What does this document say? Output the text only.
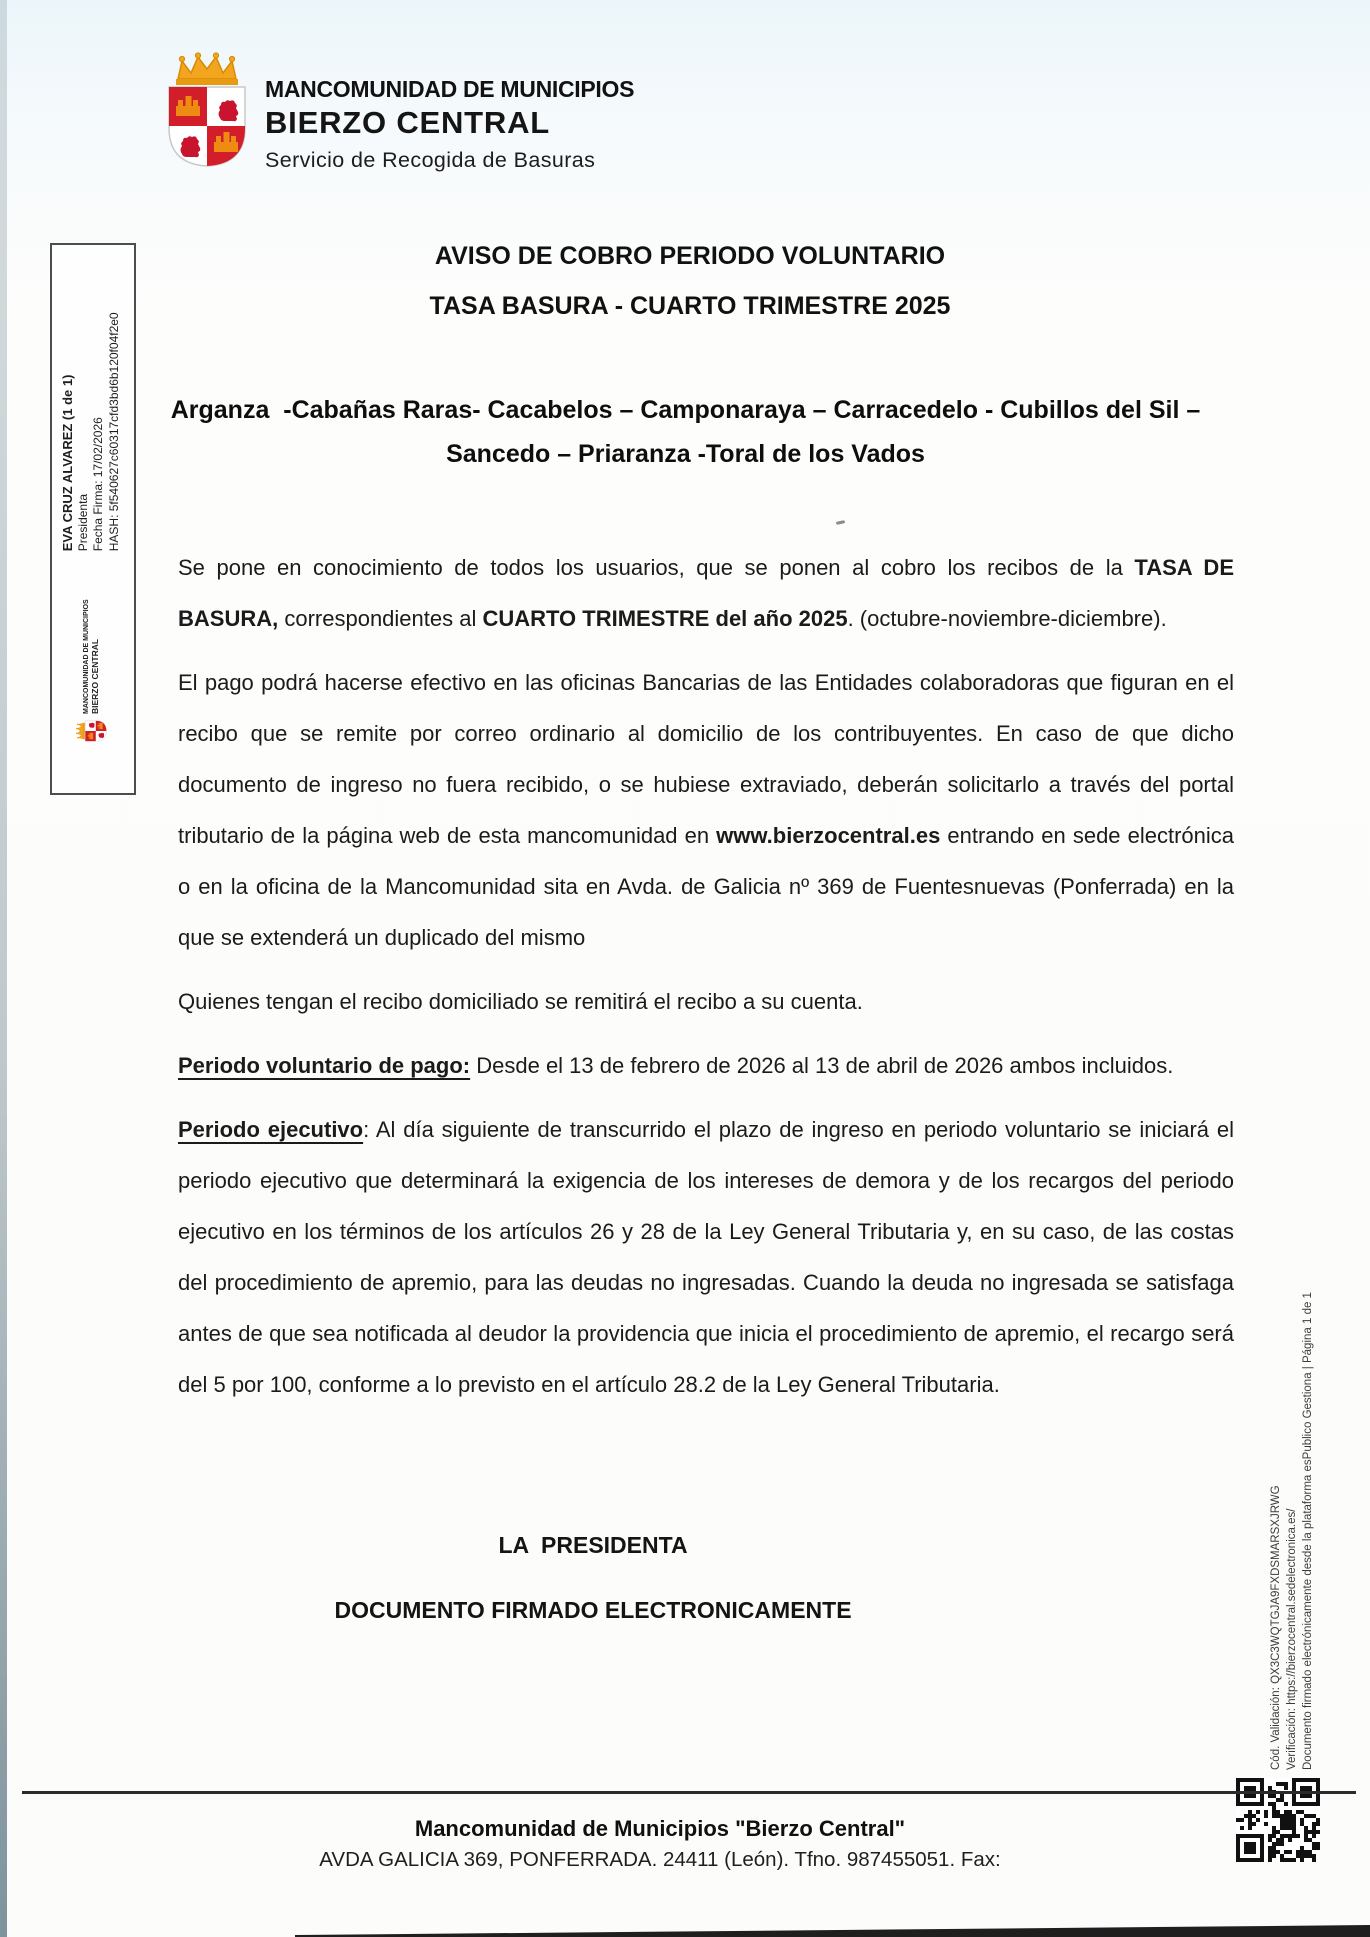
MANCOMUNIDAD DE MUNICIPIOS
BIERZO CENTRAL
Servicio de Recogida de Basuras
AVISO DE COBRO PERIODO VOLUNTARIO
TASA BASURA - CUARTO TRIMESTRE 2025
Arganza  -Cabañas Raras- Cacabelos – Camponaraya – Carracedelo - Cubillos del Sil – Sancedo – Priaranza -Toral de los Vados

Se pone en conocimiento de todos los usuarios, que se ponen al cobro los recibos de la TASA DE BASURA, correspondientes al CUARTO TRIMESTRE del año 2025. (octubre-noviembre-diciembre).

El pago podrá hacerse efectivo en las oficinas Bancarias de las Entidades colaboradoras que figuran en el recibo que se remite por correo ordinario al domicilio de los contribuyentes. En caso de que dicho documento de ingreso no fuera recibido, o se hubiese extraviado, deberán solicitarlo a través del portal tributario de la página web de esta mancomunidad en www.bierzocentral.es entrando en sede electrónica o en la oficina de la Mancomunidad sita en Avda. de Galicia nº 369 de Fuentesnuevas (Ponferrada) en la que se extenderá un duplicado del mismo

Quienes tengan el recibo domiciliado se remitirá el recibo a su cuenta.

Periodo voluntario de pago: Desde el 13 de febrero de 2026 al 13 de abril de 2026 ambos incluidos.

Periodo ejecutivo: Al día siguiente de transcurrido el plazo de ingreso en periodo voluntario se iniciará el periodo ejecutivo que determinará la exigencia de los intereses de demora y de los recargos del periodo ejecutivo en los términos de los artículos 26 y 28 de la Ley General Tributaria y, en su caso, de las costas del procedimiento de apremio, para las deudas no ingresadas. Cuando la deuda no ingresada se satisfaga antes de que sea notificada al deudor la providencia que inicia el procedimiento de apremio, el recargo será del 5 por 100, conforme a lo previsto en el artículo 28.2 de la Ley General Tributaria.

LA  PRESIDENTA
DOCUMENTO FIRMADO ELECTRONICAMENTE
MANCOMUNIDAD DE MUNICIPIOS BIERZO CENTRAL
EVA CRUZ ALVAREZ (1 de 1) Presidenta Fecha Firma: 17/02/2026 HASH: 5f540627c60317cfd3bd6b120f04f2e0
Cód. Validación: QX3C3WQTGJA9FXDSMARSXJRWG Verificación: https://bierzocentral.sedelectronica.es/ Documento firmado electrónicamente desde la plataforma esPublico Gestiona | Página 1 de 1
Mancomunidad de Municipios "Bierzo Central"
AVDA GALICIA 369, PONFERRADA. 24411 (León). Tfno. 987455051. Fax:
